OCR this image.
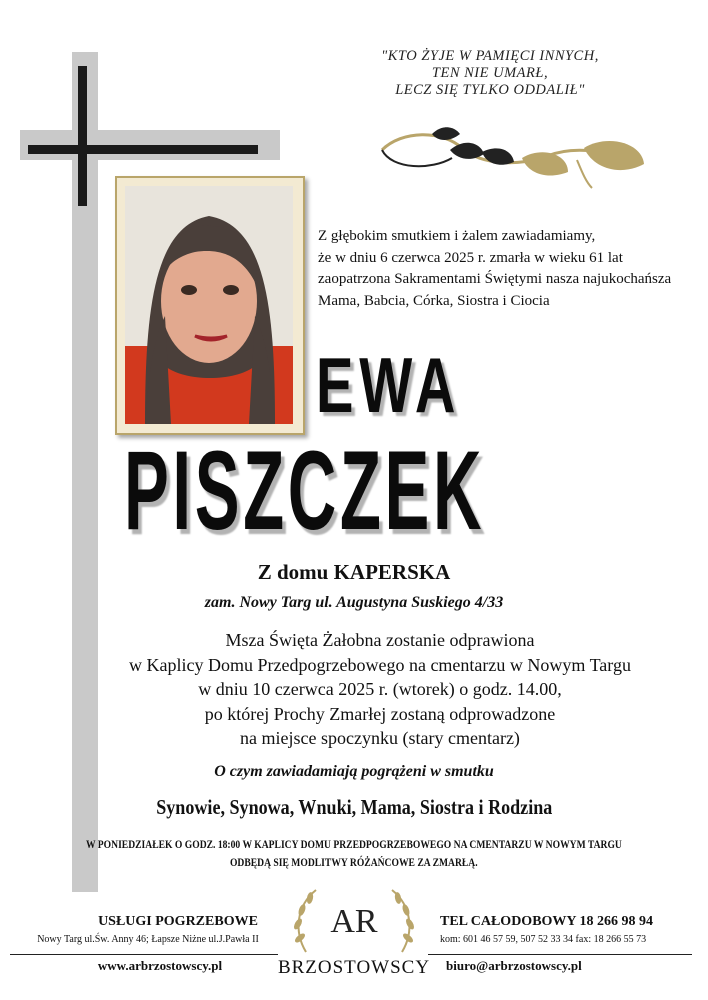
"KTO ŻYJE W PAMIĘCI INNYCH,
TEN NIE UMARŁ,
LECZ SIĘ TYLKO ODDALIŁ"
Z głębokim smutkiem i żalem zawiadamiamy,
że w dniu 6 czerwca 2025 r. zmarła w wieku 61 lat
zaopatrzona Sakramentami Świętymi nasza najukochańsza
Mama, Babcia, Córka, Siostra i Ciocia
EWA
PISZCZEK
Z domu KAPERSKA
zam. Nowy Targ ul. Augustyna Suskiego 4/33
Msza Święta Żałobna zostanie odprawiona
w Kaplicy Domu Przedpogrzebowego na cmentarzu w Nowym Targu
w dniu 10 czerwca 2025 r. (wtorek) o godz. 14.00,
po której Prochy Zmarłej zostaną odprowadzone
na miejsce spoczynku (stary cmentarz)
O czym zawiadamiają pogrążeni w smutku
Synowie, Synowa, Wnuki, Mama, Siostra i Rodzina
W PONIEDZIAŁEK O GODZ. 18:00 W KAPLICY DOMU PRZEDPOGRZEBOWEGO NA CMENTARZU W NOWYM TARGU
ODBĘDĄ SIĘ MODLITWY RÓŻAŃCOWE ZA ZMARŁĄ.
USŁUGI POGRZEBOWE
Nowy Targ ul.Św. Anny 46; Łapsze Niżne ul.J.Pawła II
www.arbrzostowscy.pl
AR
BRZOSTOWSCY
TEL CAŁODOBOWY 18 266 98 94
kom: 601 46 57 59, 507 52 33 34 fax: 18 266 55 73
biuro@arbrzostowscy.pl
